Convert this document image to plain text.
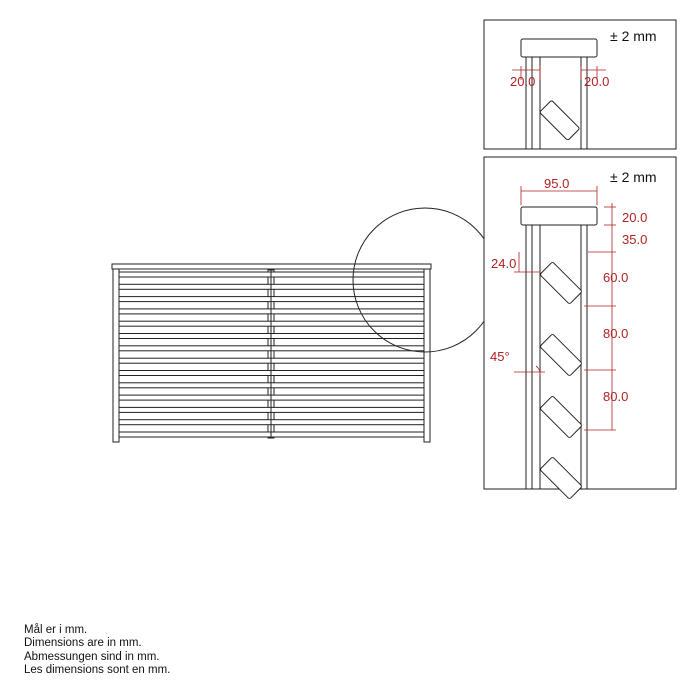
± 2 mm
20.0	20.0
± 2 mm
95.0
20.0
35.0
24.0
60.0
80.0
80.0
45°
Mål er i mm.
Dimensions are in mm.
Abmessungen sind in mm.
Les dimensions sont en mm.
